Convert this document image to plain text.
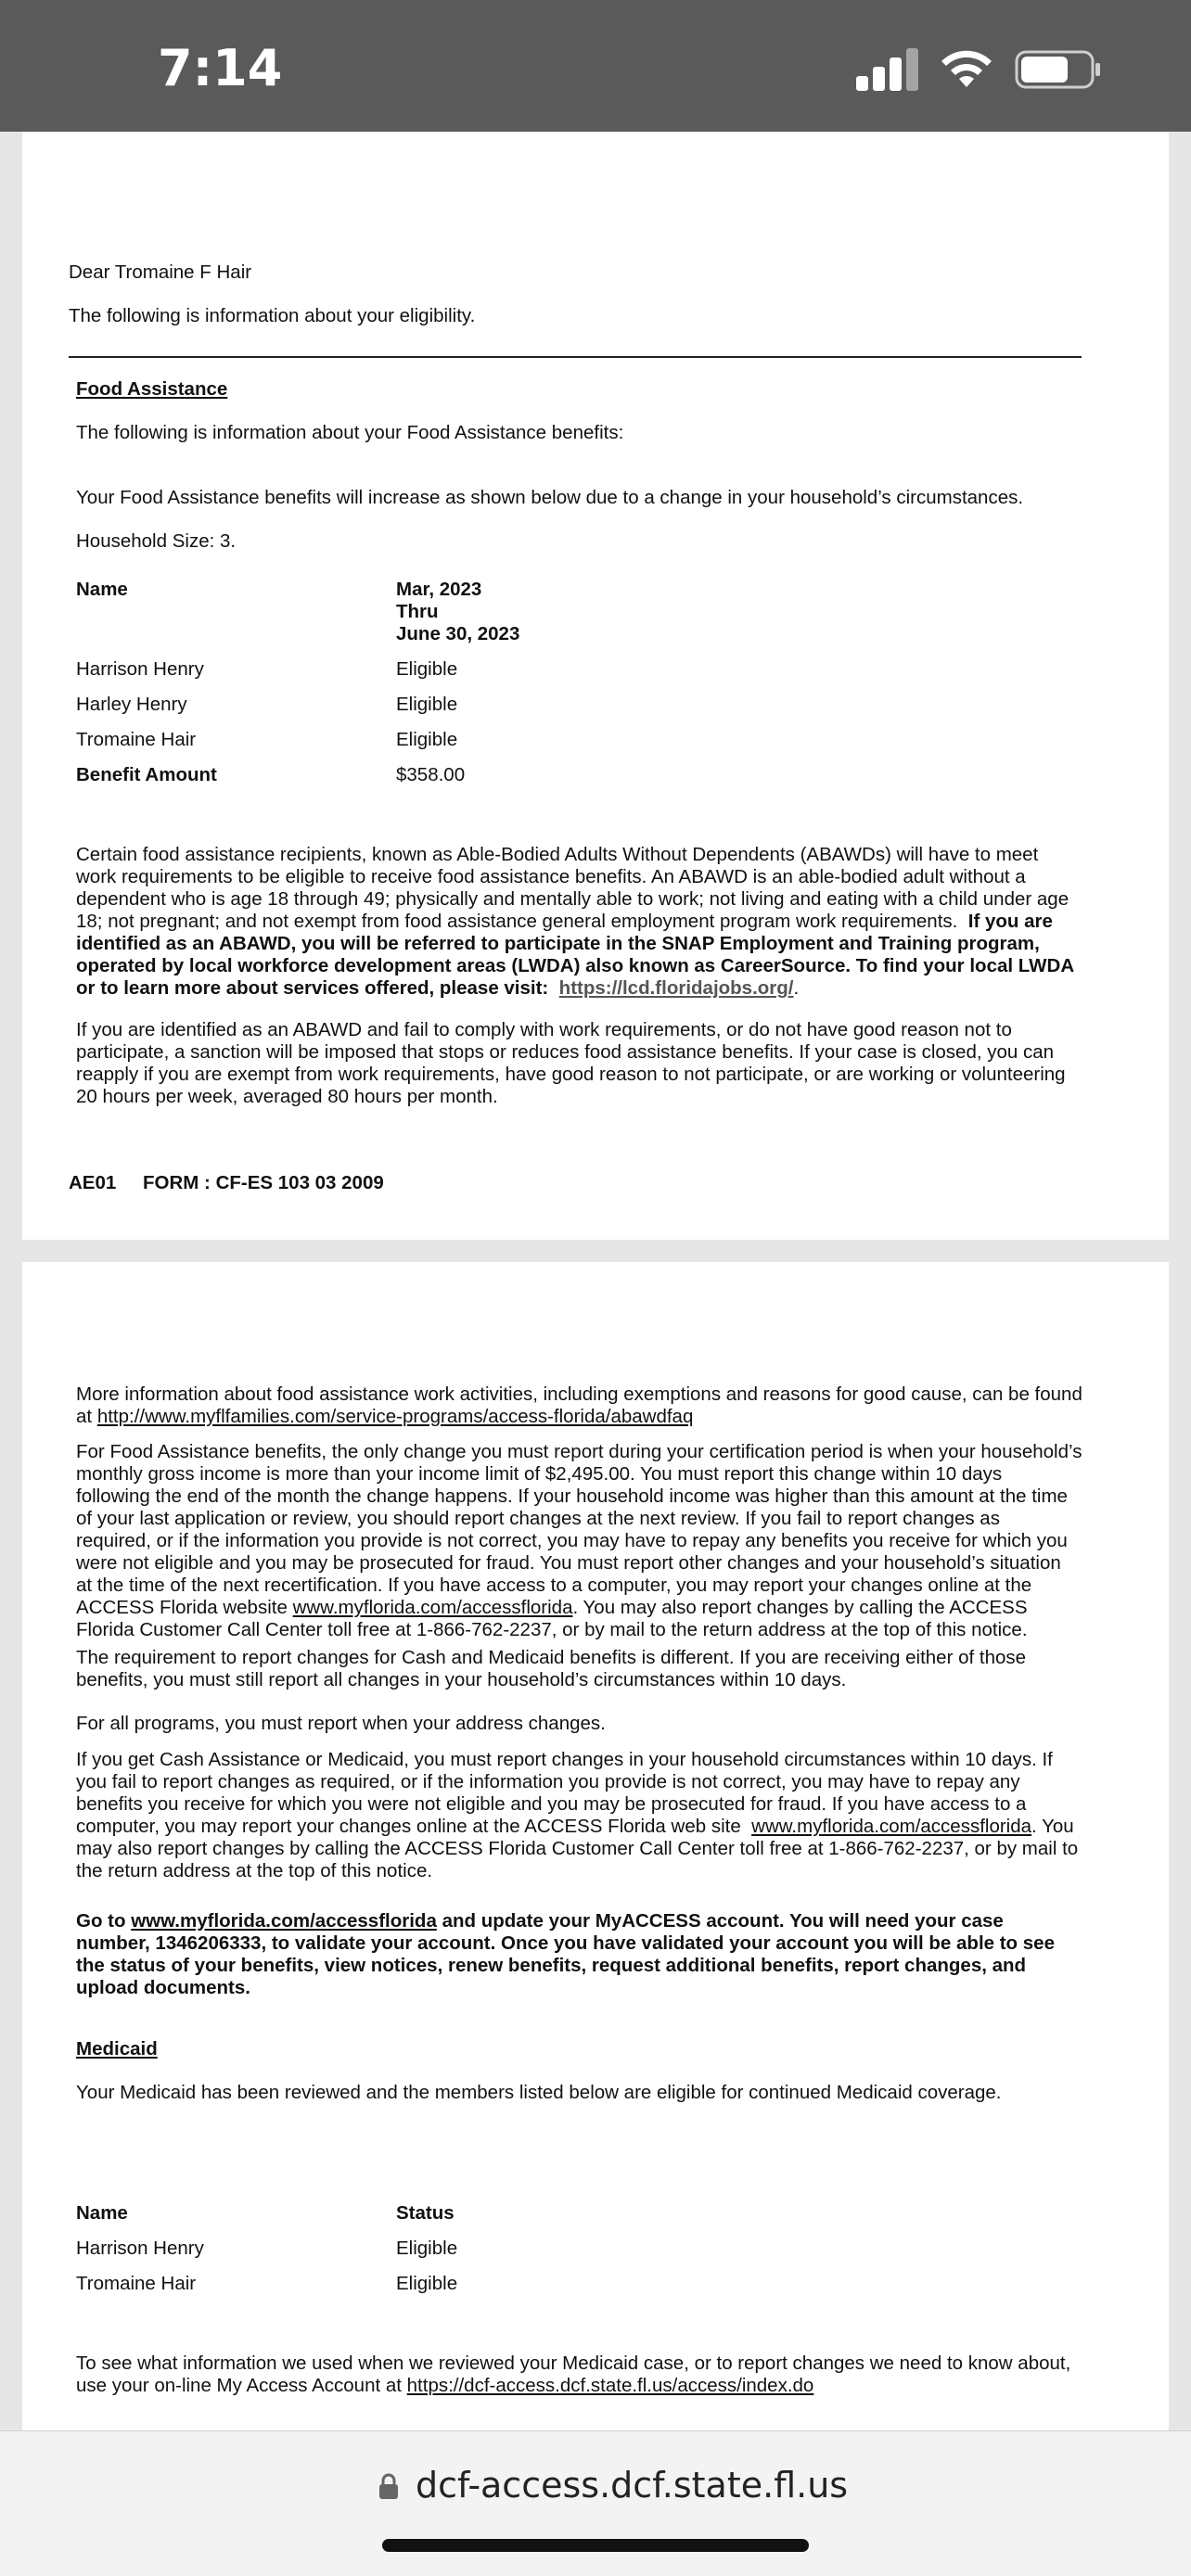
7:14
Dear Tromaine F Hair
The following is information about your eligibility.
Food Assistance
The following is information about your Food Assistance benefits:
Your Food Assistance benefits will increase as shown below due to a change in your household’s circumstances.
Household Size: 3.
Name	Mar, 2023
Thru
June 30, 2023
Harrison Henry	Eligible
Harley Henry	Eligible
Tromaine Hair	Eligible
Benefit Amount	$358.00
Certain food assistance recipients, known as Able-Bodied Adults Without Dependents (ABAWDs) will have to meet
work requirements to be eligible to receive food assistance benefits. An ABAWD is an able-bodied adult without a
dependent who is age 18 through 49; physically and mentally able to work; not living and eating with a child under age
18; not pregnant; and not exempt from food assistance general employment program work requirements. If you are
identified as an ABAWD, you will be referred to participate in the SNAP Employment and Training program,
operated by local workforce development areas (LWDA) also known as CareerSource. To find your local LWDA
or to learn more about services offered, please visit: https://lcd.floridajobs.org/.
If you are identified as an ABAWD and fail to comply with work requirements, or do not have good reason not to
participate, a sanction will be imposed that stops or reduces food assistance benefits. If your case is closed, you can
reapply if you are exempt from work requirements, have good reason to not participate, or are working or volunteering
20 hours per week, averaged 80 hours per month.
AE01 FORM : CF-ES 103 03 2009
More information about food assistance work activities, including exemptions and reasons for good cause, can be found
at http://www.myflfamilies.com/service-programs/access-florida/abawdfaq
For Food Assistance benefits, the only change you must report during your certification period is when your household’s
monthly gross income is more than your income limit of $2,495.00. You must report this change within 10 days
following the end of the month the change happens. If your household income was higher than this amount at the time
of your last application or review, you should report changes at the next review. If you fail to report changes as
required, or if the information you provide is not correct, you may have to repay any benefits you receive for which you
were not eligible and you may be prosecuted for fraud. You must report other changes and your household’s situation
at the time of the next recertification. If you have access to a computer, you may report your changes online at the
ACCESS Florida website www.myflorida.com/accessflorida. You may also report changes by calling the ACCESS
Florida Customer Call Center toll free at 1-866-762-2237, or by mail to the return address at the top of this notice.
The requirement to report changes for Cash and Medicaid benefits is different. If you are receiving either of those
benefits, you must still report all changes in your household’s circumstances within 10 days.
For all programs, you must report when your address changes.
If you get Cash Assistance or Medicaid, you must report changes in your household circumstances within 10 days. If
you fail to report changes as required, or if the information you provide is not correct, you may have to repay any
benefits you receive for which you were not eligible and you may be prosecuted for fraud. If you have access to a
computer, you may report your changes online at the ACCESS Florida web site www.myflorida.com/accessflorida. You
may also report changes by calling the ACCESS Florida Customer Call Center toll free at 1-866-762-2237, or by mail to
the return address at the top of this notice.
Go to www.myflorida.com/accessflorida and update your MyACCESS account. You will need your case
number, 1346206333, to validate your account. Once you have validated your account you will be able to see
the status of your benefits, view notices, renew benefits, request additional benefits, report changes, and
upload documents.
Medicaid
Your Medicaid has been reviewed and the members listed below are eligible for continued Medicaid coverage.
Name	Status
Harrison Henry	Eligible
Tromaine Hair	Eligible
To see what information we used when we reviewed your Medicaid case, or to report changes we need to know about,
use your on-line My Access Account at https://dcf-access.dcf.state.fl.us/access/index.do
dcf-access.dcf.state.fl.us
